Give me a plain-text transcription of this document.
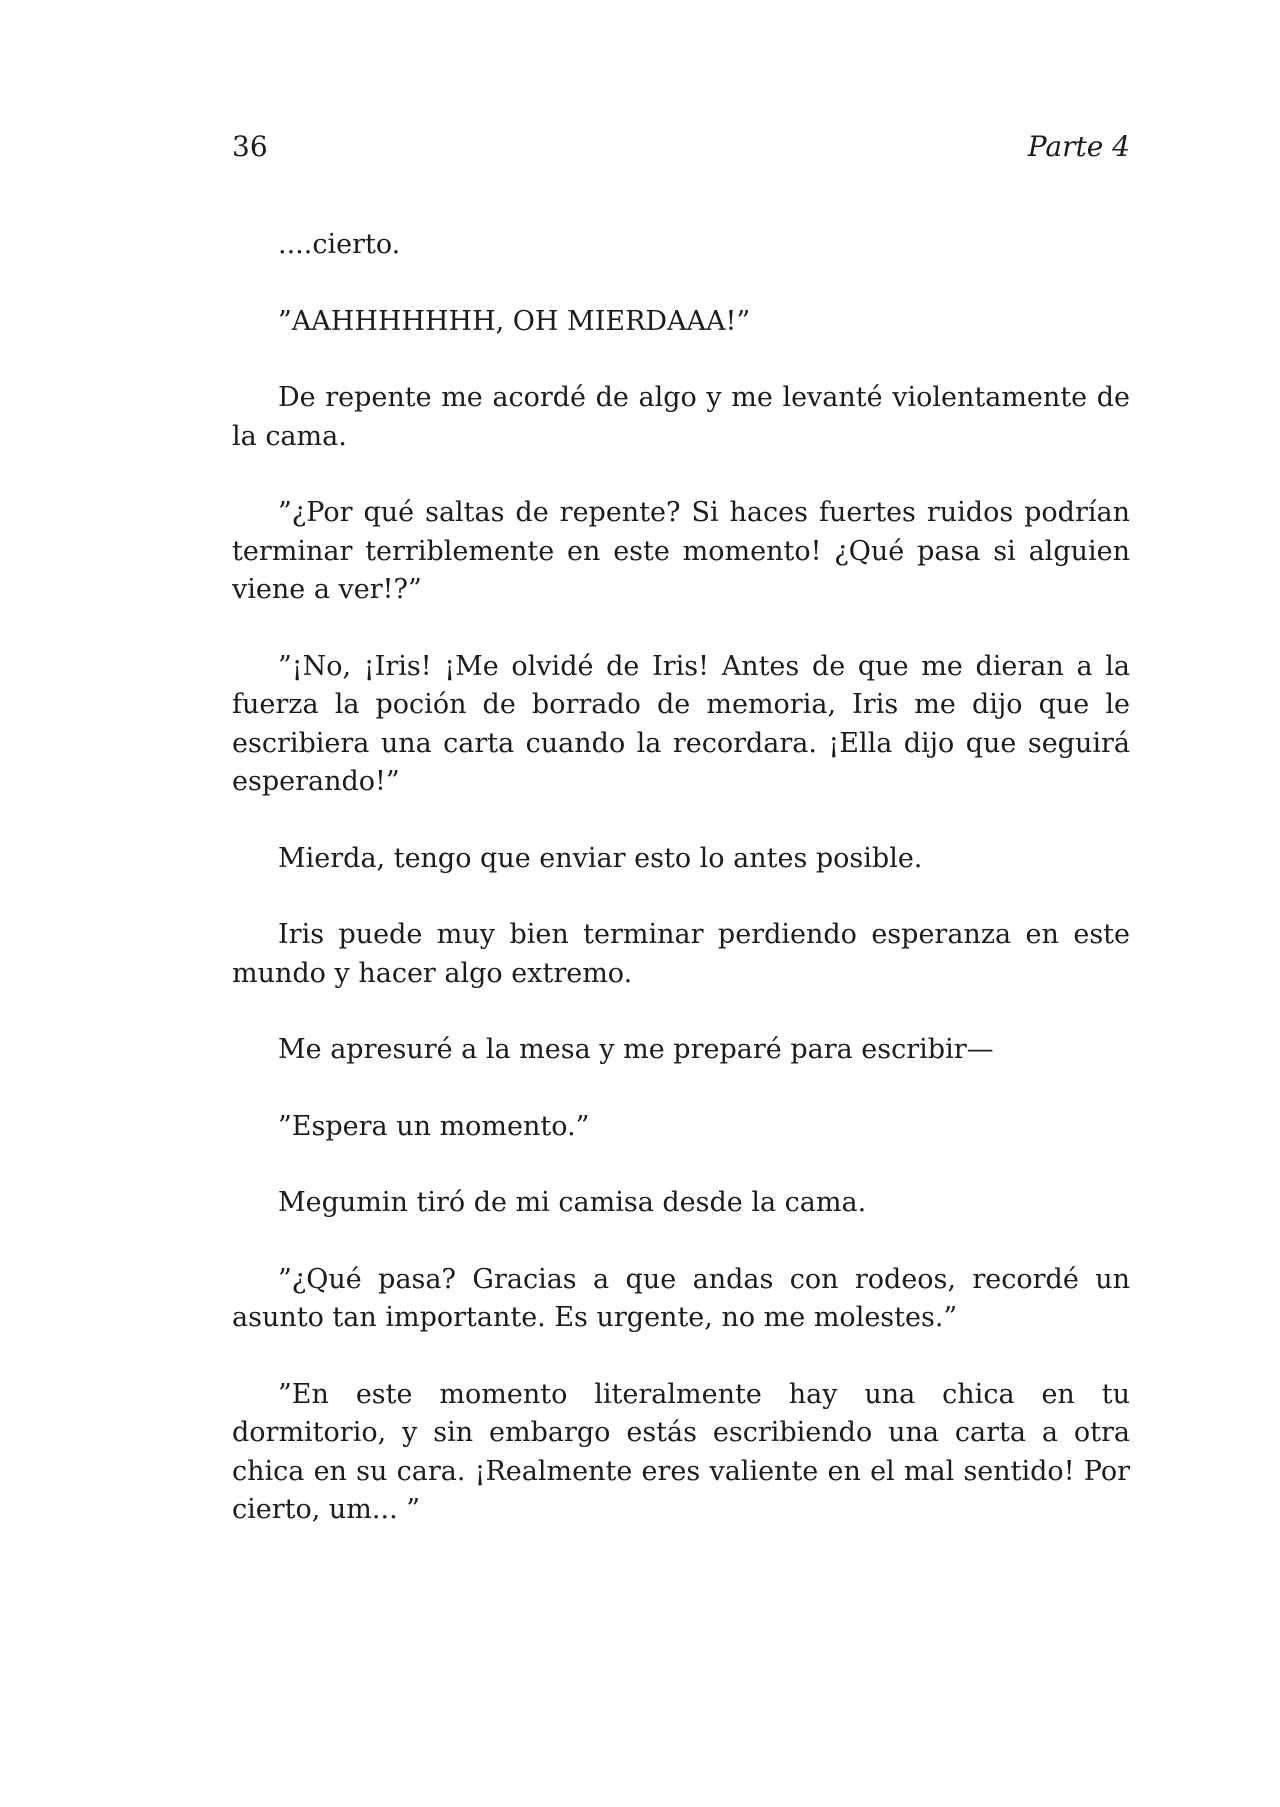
36	Parte 4

....cierto.

”AAHHHHHHH, OH MIERDAAA!”

De repente me acordé de algo y me levanté violentamente de la cama.

”¿Por qué saltas de repente? Si haces fuertes ruidos podrían terminar terriblemente en este momento! ¿Qué pasa si alguien viene a ver!?”

”¡No, ¡Iris! ¡Me olvidé de Iris! Antes de que me dieran a la fuerza la poción de borrado de memoria, Iris me dijo que le escribiera una carta cuando la recordara. ¡Ella dijo que seguirá esperando!”

Mierda, tengo que enviar esto lo antes posible.

Iris puede muy bien terminar perdiendo esperanza en este mundo y hacer algo extremo.

Me apresuré a la mesa y me preparé para escribir—

”Espera un momento.”

Megumin tiró de mi camisa desde la cama.

”¿Qué pasa? Gracias a que andas con rodeos, recordé un asunto tan importante. Es urgente, no me molestes.”

”En este momento literalmente hay una chica en tu dormitorio, y sin embargo estás escribiendo una carta a otra chica en su cara. ¡Realmente eres valiente en el mal sentido! Por cierto, um... ”
